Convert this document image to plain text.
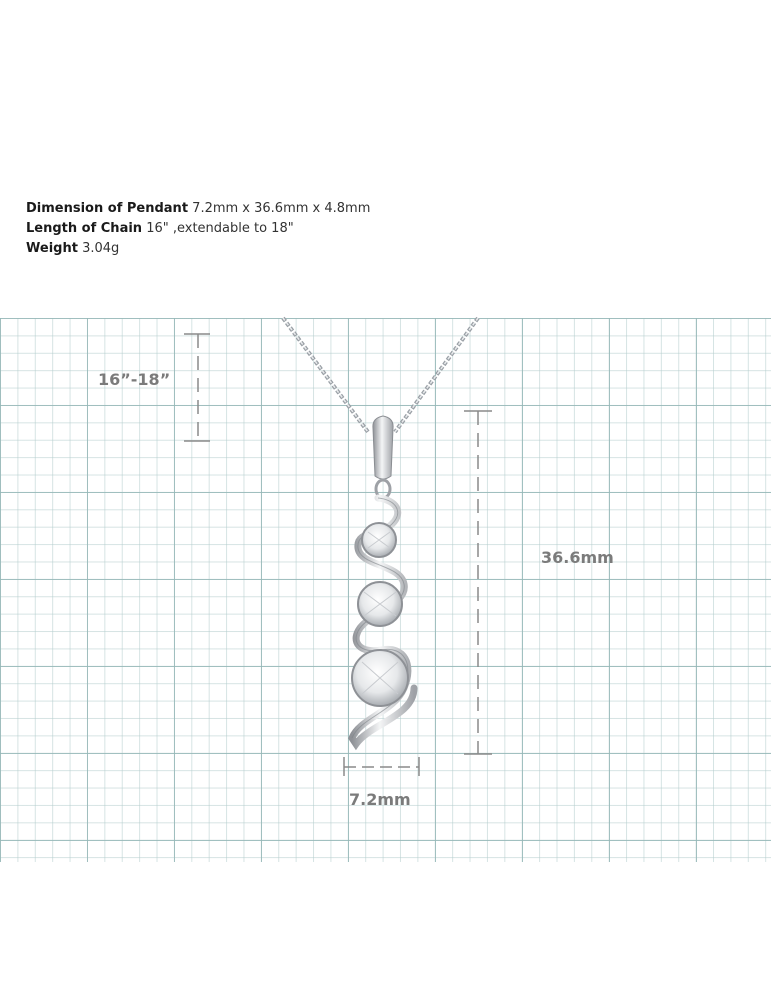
Dimension of Pendant 7.2mm x 36.6mm x 4.8mm
Length of Chain 16" ,extendable to 18"
Weight 3.04g
16”-18”
36.6mm
7.2mm
